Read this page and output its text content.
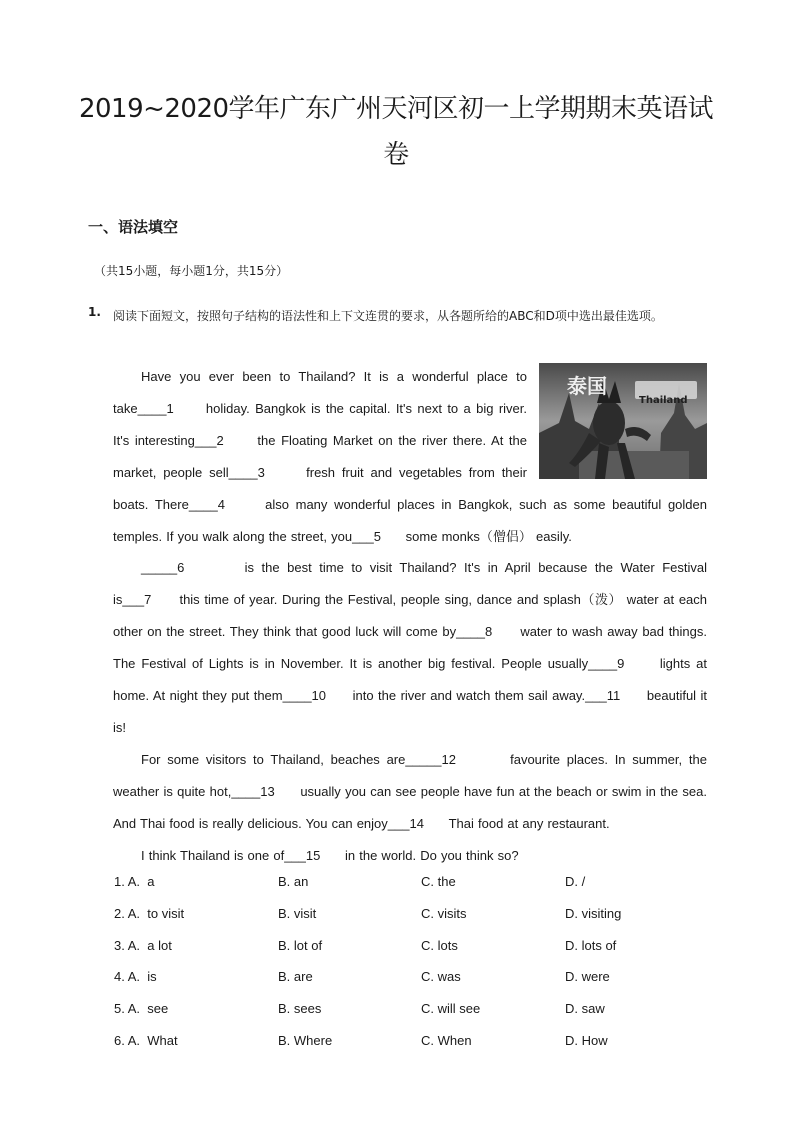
2019~2020学年广东广州天河区初一上学期期末英语试卷
一、语法填空
（共15小题，每小题1分，共15分）
1. 阅读下面短文，按照句子结构的语法性和上下文连贯的要求，从各题所给的ABC和D项中选出最佳选项。
泰国
Thailand

Have you ever been to Thailand? It is a wonderful place to take____1 holiday. Bangkok is the capital. It's next to a big river. It's interesting___2	the Floating Market on the river there. At the market, people sell____3	fresh fruit and vegetables from their boats. There____4	also many wonderful places in Bangkok, such as some beautiful golden temples. If you walk along the street, you___5 some monks（僧侣） easily.

_____6	is the best time to visit Thailand? It's in April because the Water Festival is___7 this time of year. During the Festival, people sing, dance and splash（泼） water at each other on the street. They think that good luck will come by____8 water to wash away bad things. The Festival of Lights is in November. It is another big festival. People usually____9	lights at home. At night they put them____10 into the river and watch them sail away.___11 beautiful it is!

For some visitors to Thailand, beaches are_____12	favourite places. In summer, the weather is quite hot,____13 usually you can see people have fun at the beach or swim in the sea. And Thai food is really delicious. You can enjoy___14 Thai food at any restaurant.

I think Thailand is one of___15 in the world. Do you think so?

1. A. a	B. an	C. the	D. /
2. A. to visit	B. visit	C. visits	D. visiting
3. A. a lot	B. lot of	C. lots	D. lots of
4. A. is	B. are	C. was	D. were
5. A. see	B. sees	C. will see	D. saw
6. A. What	B. Where	C. When	D. How
